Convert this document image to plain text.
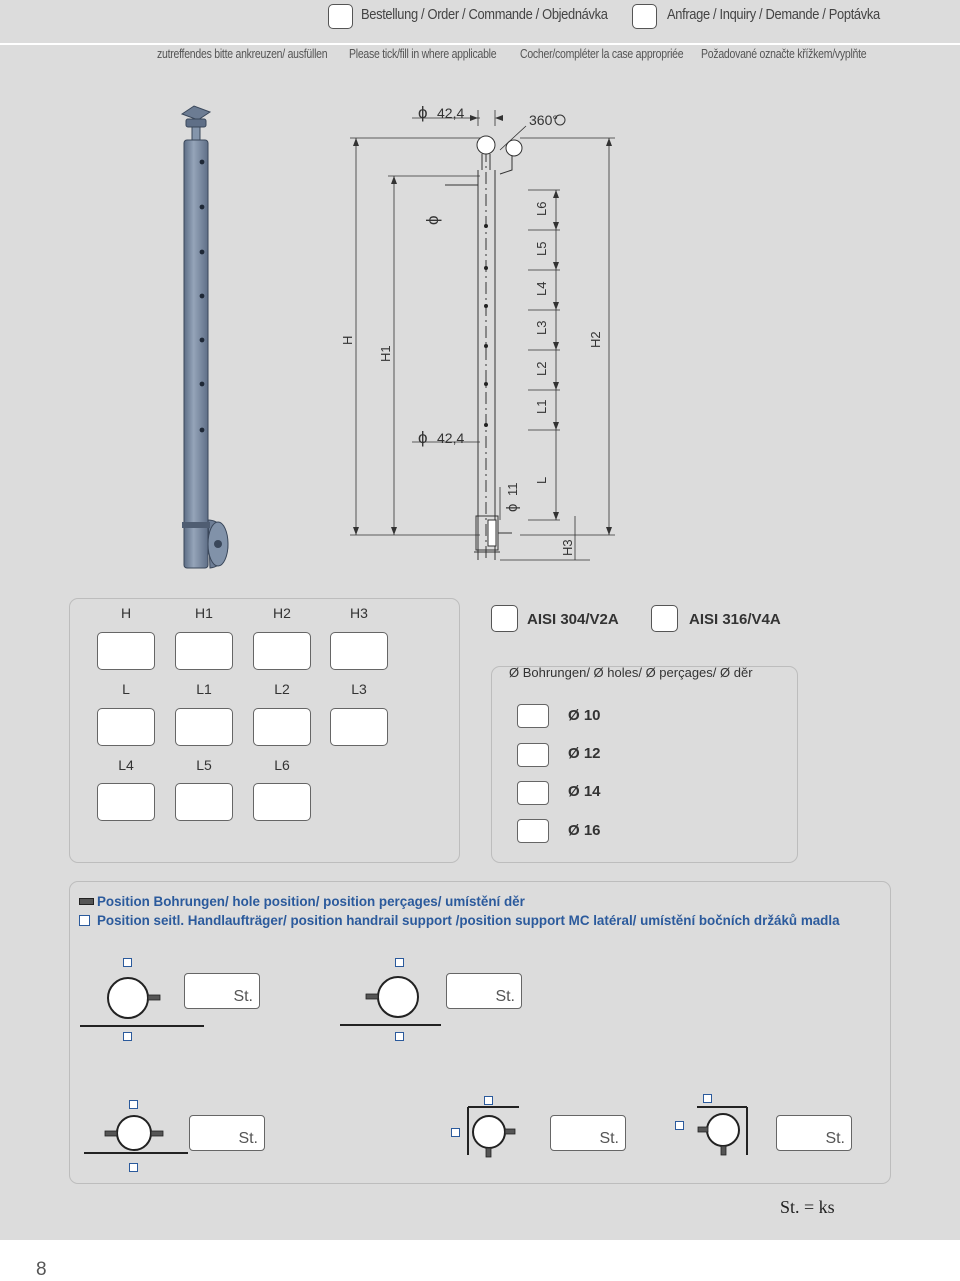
Bestellung / Order / Commande / Objednávka	Anfrage / Inquiry / Demande / Poptávka
zutreffendes bitte ankreuzen/ ausfüllen Please tick/fill in where applicable Cocher/compléter la case appropriée Požadované označte křížkem/vyplňte
ϕ 42,4	360°
ϕ
ϕ 42,4
ϕ
11
H
H1
H2
H3
L
L1
L2
L3
L4
L5
L6
H	H1	H2	H3
L	L1	L2	L3
L4	L5	L6
AISI 304/V2A	AISI 316/V4A
Ø Bohrungen/ Ø holes/ Ø perçages/ Ø děr
Ø 10
Ø 12
Ø 14
Ø 16
Position Bohrungen/ hole position/ position perçages/ umístění děr
Position seitl. Handlaufträger/ position handrail support /position support MC latéral/ umístění bočních držáků madla
St.	St.
St.	St.	St.
St. = ks
8
